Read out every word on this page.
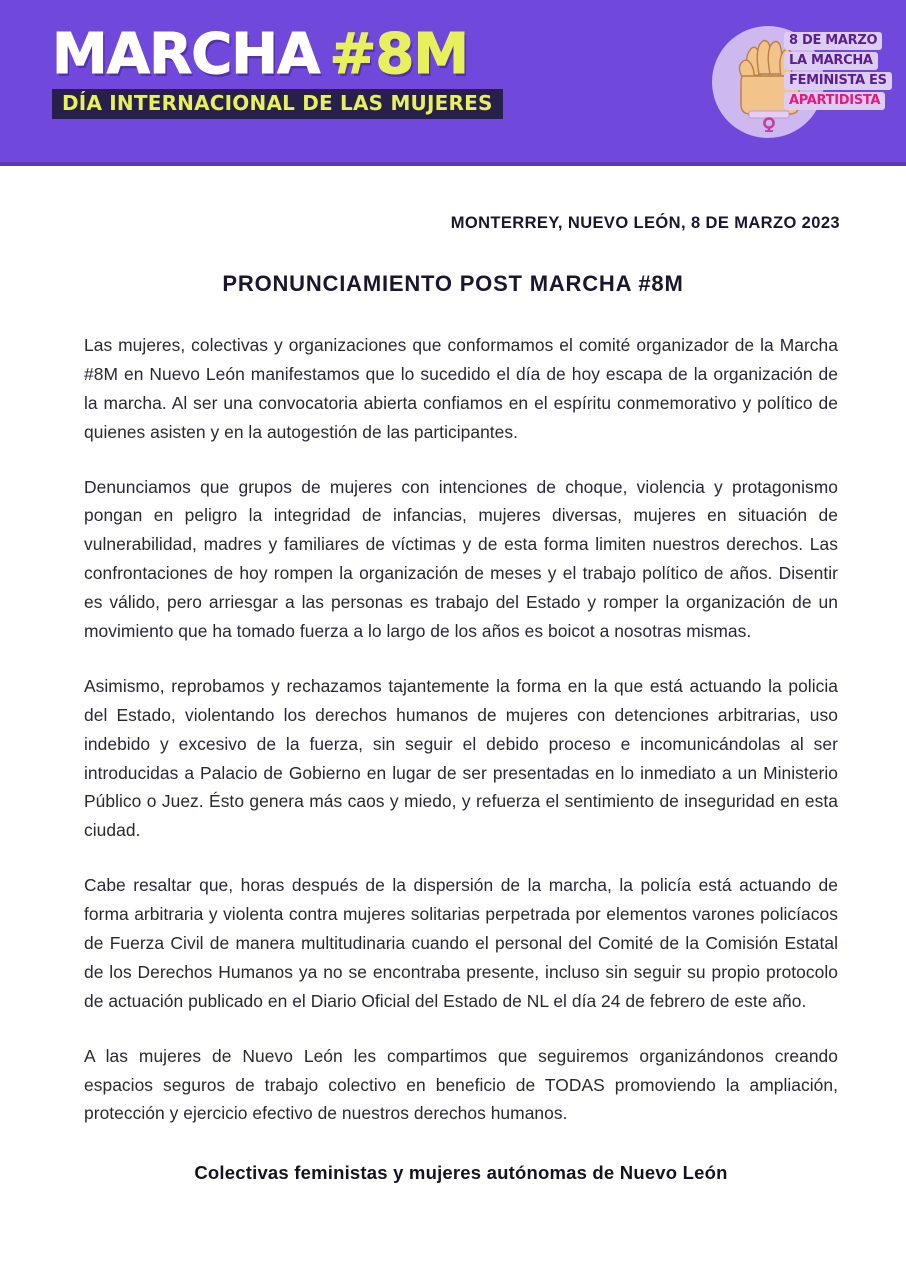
MARCHA #8M
DÍA INTERNACIONAL DE LAS MUJERES
8 DE MARZO
LA MARCHA
FEMINISTA ES
APARTIDISTA
MONTERREY, NUEVO LEÓN, 8 DE MARZO 2023
PRONUNCIAMIENTO POST MARCHA #8M

Las mujeres, colectivas y organizaciones que conformamos el comité organizador de la Marcha #8M en Nuevo León manifestamos que lo sucedido el día de hoy escapa de la organización de la marcha. Al ser una convocatoria abierta confiamos en el espíritu conmemorativo y político de quienes asisten y en la autogestión de las participantes.

Denunciamos que grupos de mujeres con intenciones de choque, violencia y protagonismo pongan en peligro la integridad de infancias, mujeres diversas, mujeres en situación de vulnerabilidad, madres y familiares de víctimas y de esta forma limiten nuestros derechos. Las confrontaciones de hoy rompen la organización de meses y el trabajo político de años. Disentir es válido, pero arriesgar a las personas es trabajo del Estado y romper la organización de un movimiento que ha tomado fuerza a lo largo de los años es boicot a nosotras mismas.

Asimismo, reprobamos y rechazamos tajantemente la forma en la que está actuando la policia del Estado, violentando los derechos humanos de mujeres con detenciones arbitrarias, uso indebido y excesivo de la fuerza, sin seguir el debido proceso e incomunicándolas al ser introducidas a Palacio de Gobierno en lugar de ser presentadas en lo inmediato a un Ministerio Público o Juez. Ésto genera más caos y miedo, y refuerza el sentimiento de inseguridad en esta ciudad.

Cabe resaltar que, horas después de la dispersión de la marcha, la policía está actuando de forma arbitraria y violenta contra mujeres solitarias perpetrada por elementos varones policíacos de Fuerza Civil de manera multitudinaria cuando el personal del Comité de la Comisión Estatal de los Derechos Humanos ya no se encontraba presente, incluso sin seguir su propio protocolo de actuación publicado en el Diario Oficial del Estado de NL el día 24 de febrero de este año.

A las mujeres de Nuevo León les compartimos que seguiremos organizándonos creando espacios seguros de trabajo colectivo en beneficio de TODAS promoviendo la ampliación, protección y ejercicio efectivo de nuestros derechos humanos.

Colectivas feministas y mujeres autónomas de Nuevo León
